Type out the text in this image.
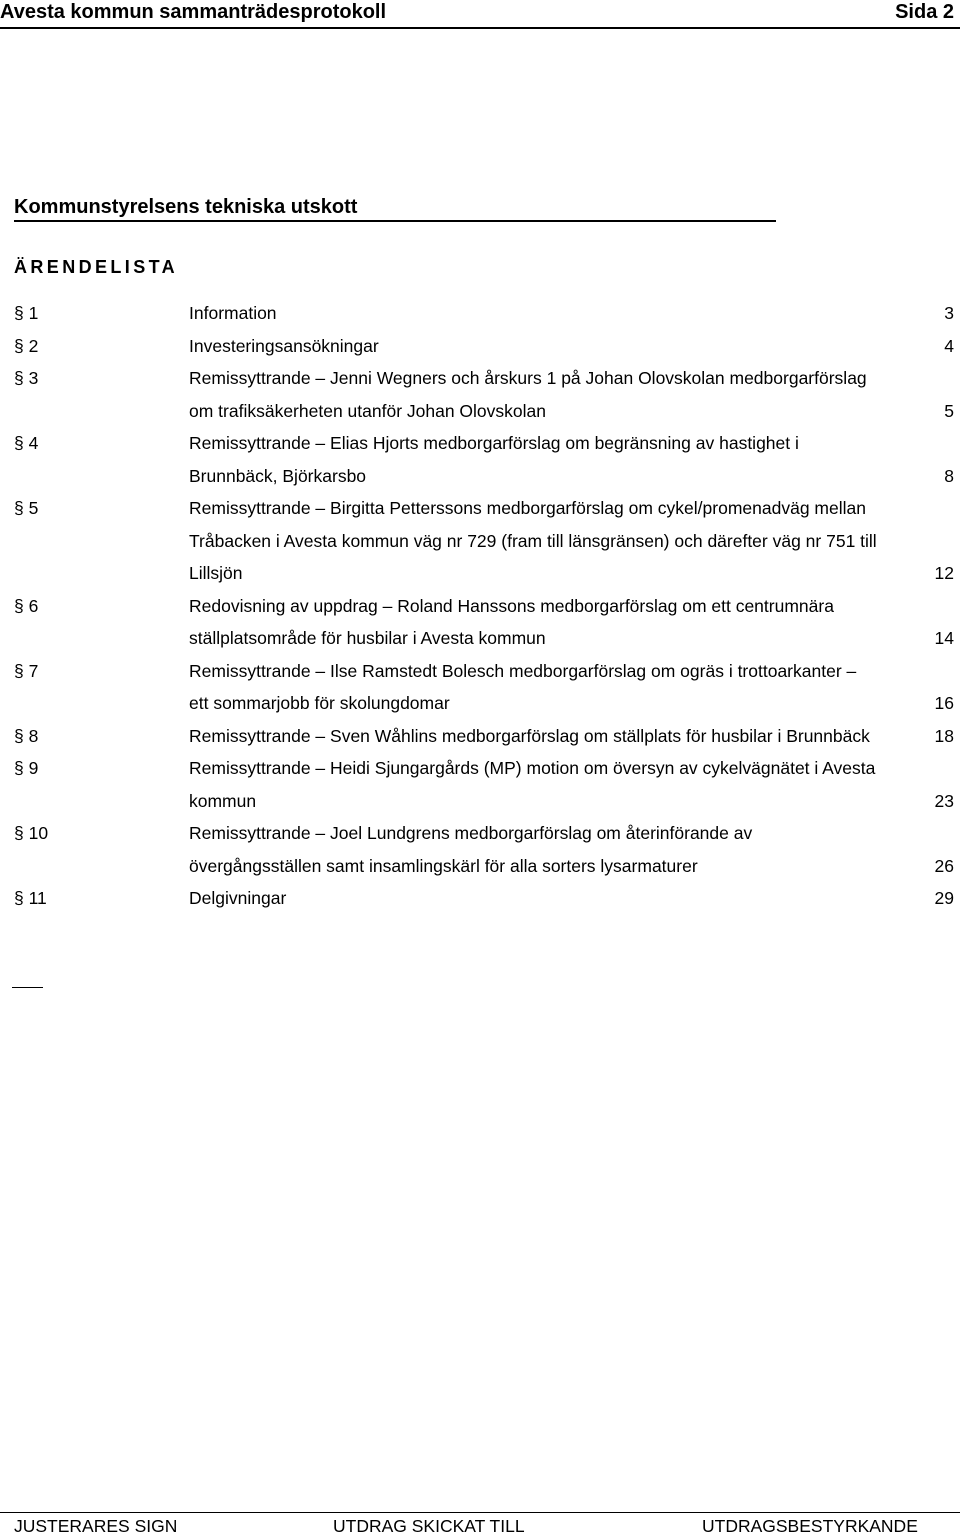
Avesta kommun sammanträdesprotokoll	Sida 2
Kommunstyrelsens tekniska utskott
ÄRENDELISTA
§ 1	Information	3
§ 2	Investeringsansökningar	4
§ 3	Remissyttrande – Jenni Wegners och årskurs 1 på Johan Olovskolan medborgarförslag om trafiksäkerheten utanför Johan Olovskolan	5
§ 4	Remissyttrande – Elias Hjorts medborgarförslag om begränsning av hastighet i Brunnbäck, Björkarsbo	8
§ 5	Remissyttrande – Birgitta Petterssons medborgarförslag om cykel/promenadväg mellan Tråbacken i Avesta kommun väg nr 729 (fram till länsgränsen) och därefter väg nr 751 till Lillsjön	12
§ 6	Redovisning av uppdrag – Roland Hanssons medborgarförslag om ett centrumnära ställplatsområde för husbilar i Avesta kommun	14
§ 7	Remissyttrande – Ilse Ramstedt Bolesch medborgarförslag om ogräs i trottoarkanter – ett sommarjobb för skolungdomar	16
§ 8	Remissyttrande – Sven Wåhlins medborgarförslag om ställplats för husbilar i Brunnbäck	18
§ 9	Remissyttrande – Heidi Sjungargårds (MP) motion om översyn av cykelvägnätet i Avesta kommun	23
§ 10	Remissyttrande – Joel Lundgrens medborgarförslag om återinförande av övergångsställen samt insamlingskärl för alla sorters lysarmaturer	26
§ 11	Delgivningar	29
JUSTERARES SIGN	UTDRAG SKICKAT TILL	UTDRAGSBESTYRKANDE
